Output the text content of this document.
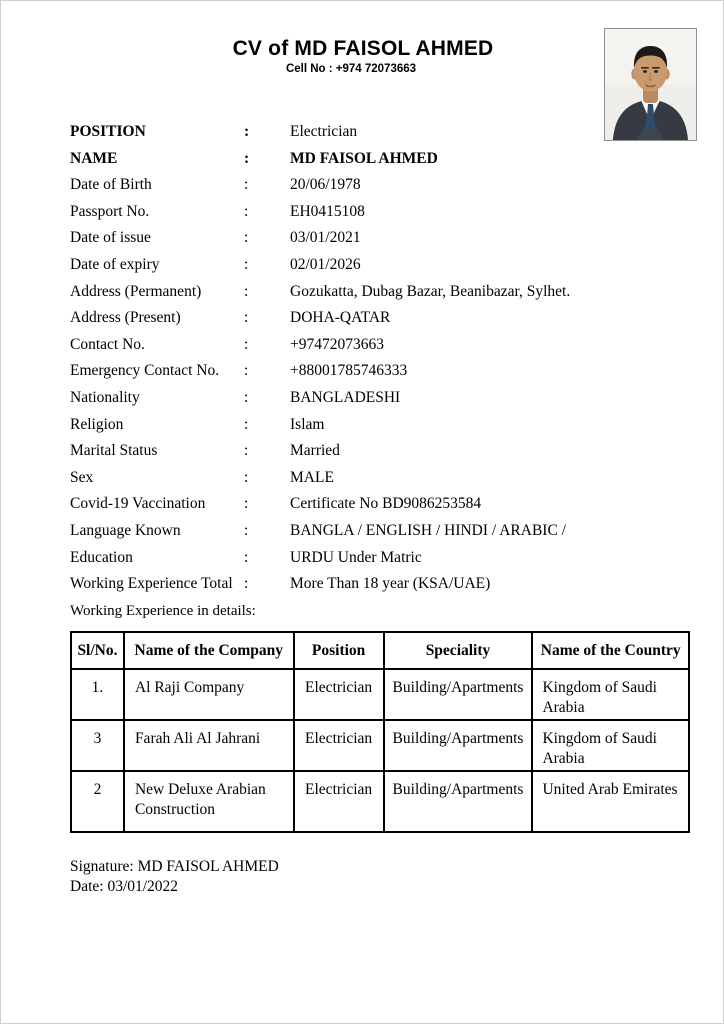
CV of MD FAISOL AHMED
Cell No : +974 72073663
POSITION	:	Electrician
NAME	:	MD FAISOL AHMED
Date of Birth	:	20/06/1978
Passport No.	:	EH0415108
Date of issue	:	03/01/2021
Date of expiry	:	02/01/2026
Address (Permanent)	:	Gozukatta, Dubag Bazar, Beanibazar, Sylhet.
Address (Present)	:	DOHA-QATAR
Contact No.	:	+97472073663
Emergency Contact No.	:	+88001785746333
Nationality	:	BANGLADESHI
Religion	:	Islam
Marital Status	:	Married
Sex	:	MALE
Covid-19 Vaccination	:	Certificate No BD9086253584
Language Known	:	BANGLA / ENGLISH / HINDI / ARABIC /
Education	:	URDU Under Matric
Working Experience Total :	More Than 18 year (KSA/UAE)
Working Experience in details:
Sl/No.	Name of the Company	Position	Speciality	Name of the Country
1.	Al Raji Company	Electrician	Building/Apartments	Kingdom of Saudi Arabia
3	Farah Ali Al Jahrani	Electrician	Building/Apartments	Kingdom of Saudi Arabia
2	New Deluxe Arabian Construction	Electrician	Building/Apartments	United Arab Emirates
Signature: MD FAISOL AHMED
Date: 03/01/2022
